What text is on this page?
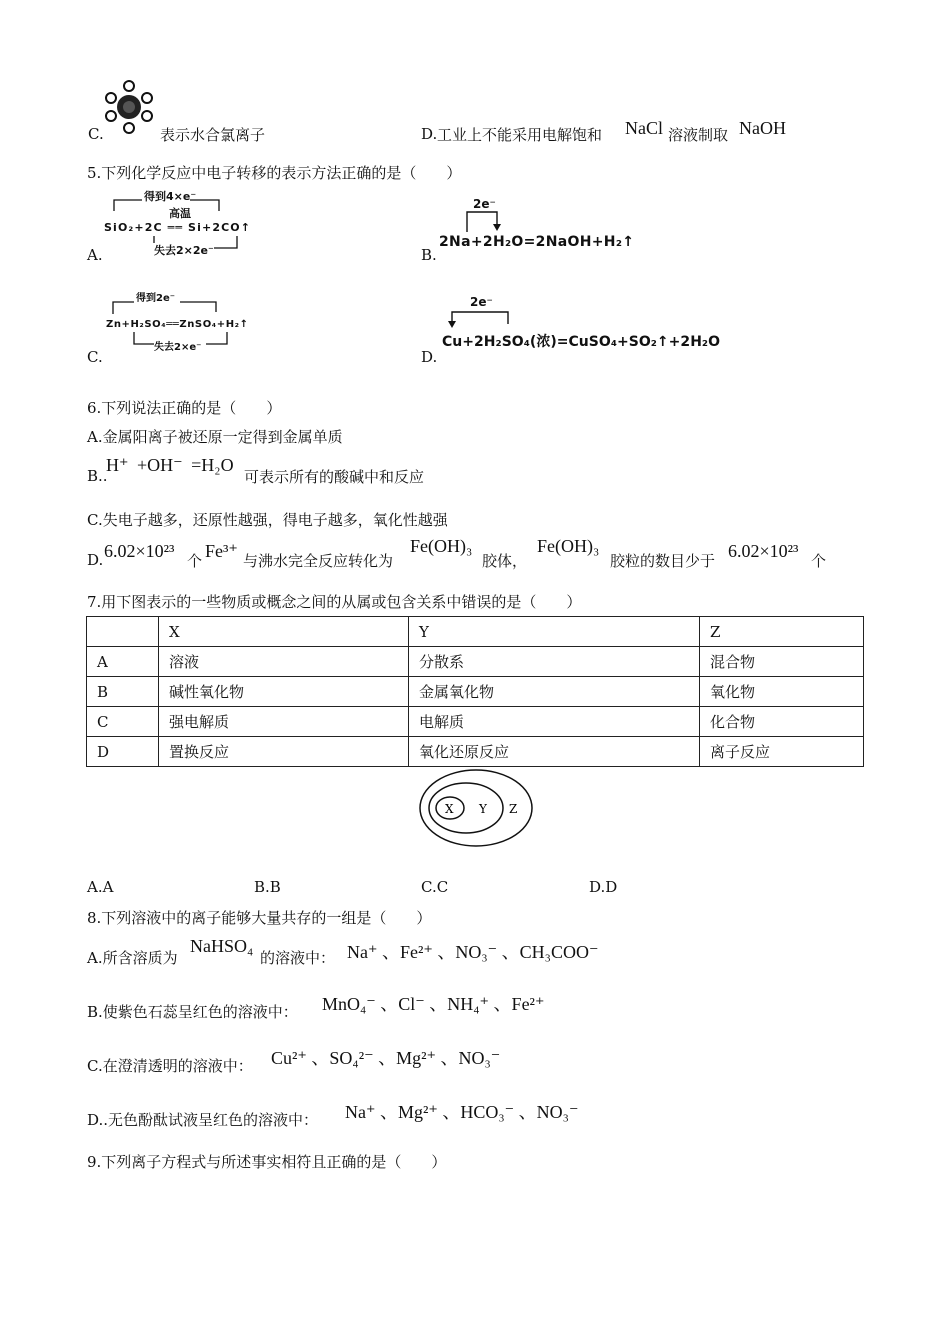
C.	表示水合氯离子	D. 工业上不能采用电解饱和 NaCl 溶液制取 NaOH
5.下列化学反应中电子转移的表示方法正确的是（　　）
得到4×e⁻
高温
SiO₂+2C ══ Si+2CO↑
失去2×2e⁻
A.
2e⁻
2Na+2H₂O=2NaOH+H₂↑
B.
得到2e⁻
Zn+H₂SO₄══ZnSO₄+H₂↑
失去2×e⁻
C.
2e⁻
Cu+2H₂SO₄(浓)=CuSO₄+SO₂↑+2H₂O
D.
6.下列说法正确的是（　　）
A.金属阳离子被还原一定得到金属单质
B..
H⁺ +OH⁻ =H₂O
可表示所有的酸碱中和反应
C.失电子越多，还原性越强，得电子越多，氧化性越强
D. 6.02×10²³ 个 Fe³⁺ 与沸水完全反应转化为
Fe(OH)₃
胶体，
Fe(OH)₃
胶粒的数目少于 6.02×10²³ 个
7.用下图表示的一些物质或概念之间的从属或包含关系中错误的是（　　）
	X	Y	Z
A	溶液	分散系	混合物
B	碱性氧化物	金属氧化物	氧化物
C	强电解质	电解质	化合物
D	置换反应	氧化还原反应	离子反应
X Y Z
A.A	B.B	C.C	D.D
8.下列溶液中的离子能够大量共存的一组是（　　）
A.所含溶质为
NaHSO₄
的溶液中： Na⁺ 、Fe²⁺ 、NO₃⁻ 、CH₃COO⁻
B.使紫色石蕊呈红色的溶液中： MnO₄⁻ 、Cl⁻ 、NH₄⁺ 、Fe²⁺
C.在澄清透明的溶液中： Cu²⁺ 、SO₄²⁻ 、Mg²⁺ 、NO₃⁻
D..无色酚酞试液呈红色的溶液中： Na⁺ 、Mg²⁺ 、HCO₃⁻ 、NO₃⁻
9.下列离子方程式与所述事实相符且正确的是（　　）
